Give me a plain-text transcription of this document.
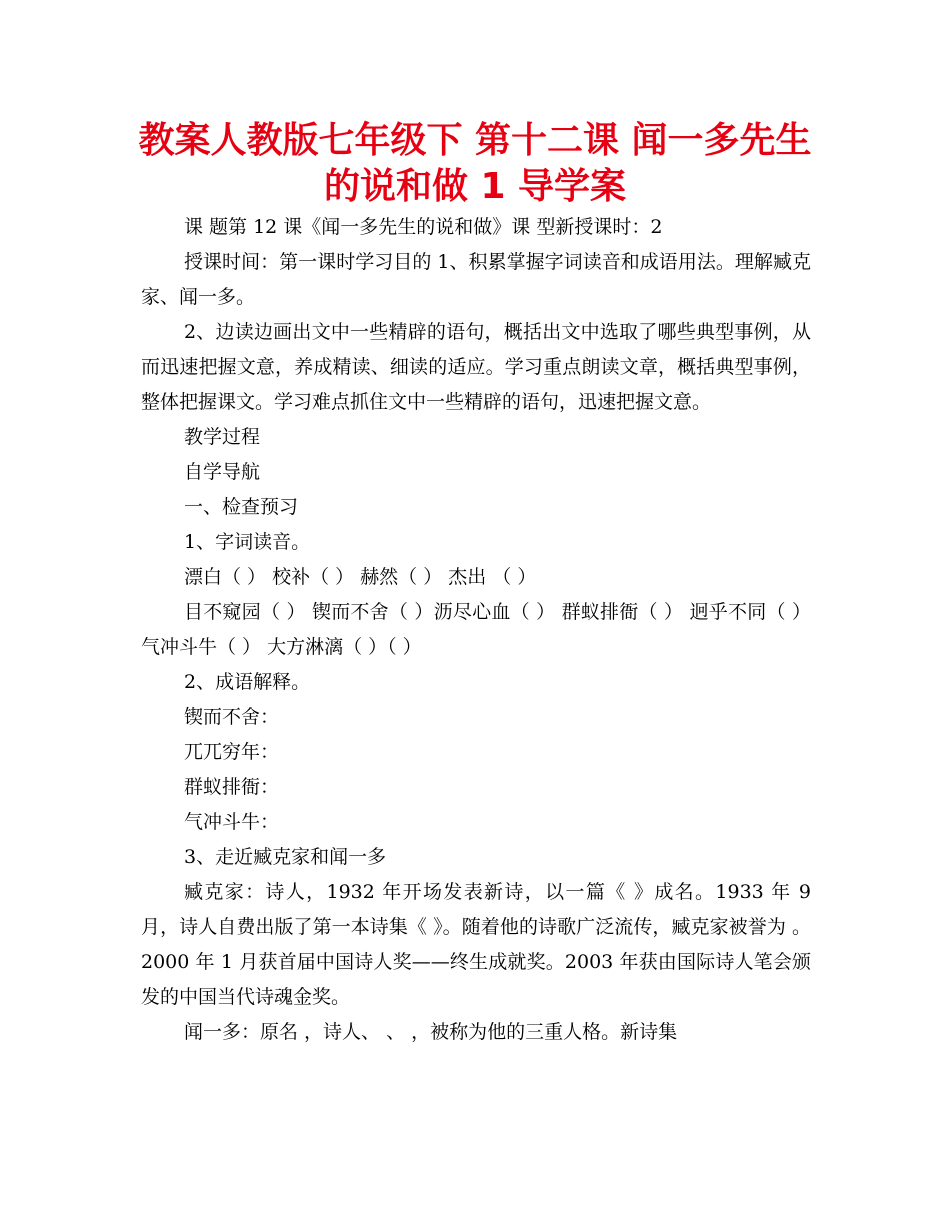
教案人教版七年级下 第十二课 闻一多先生
的说和做 1 导学案

课 题第 12 课《闻一多先生的说和做》课 型新授课时：2

授课时间：第一课时学习目的 1、积累掌握字词读音和成语用法。理解臧克家、闻一多。

2、边读边画出文中一些精辟的语句，概括出文中选取了哪些典型事例，从而迅速把握文意，养成精读、细读的适应。学习重点朗读文章，概括典型事例，整体把握课文。学习难点抓住文中一些精辟的语句，迅速把握文意。

教学过程

自学导航

一、检查预习

1、字词读音。

漂白（ ） 校补（ ） 赫然（ ） 杰出 （ ）

目不窥园（ ） 锲而不舍（ ）沥尽心血（ ） 群蚁排衙（ ） 迥乎不同（ ）气冲斗牛（ ） 大方淋漓（ ）（ ）

2、成语解释。

锲而不舍：

兀兀穷年：

群蚁排衙：

气冲斗牛：

3、走近臧克家和闻一多

臧克家：诗人，1932 年开场发表新诗，以一篇《 》成名。1933 年 9 月，诗人自费出版了第一本诗集《 》。随着他的诗歌广泛流传，臧克家被誉为 。2000 年 1 月获首届中国诗人奖——终生成就奖。2003 年获由国际诗人笔会颁发的中国当代诗魂金奖。

闻一多：原名 ，诗人、 、 ，被称为他的三重人格。新诗集
